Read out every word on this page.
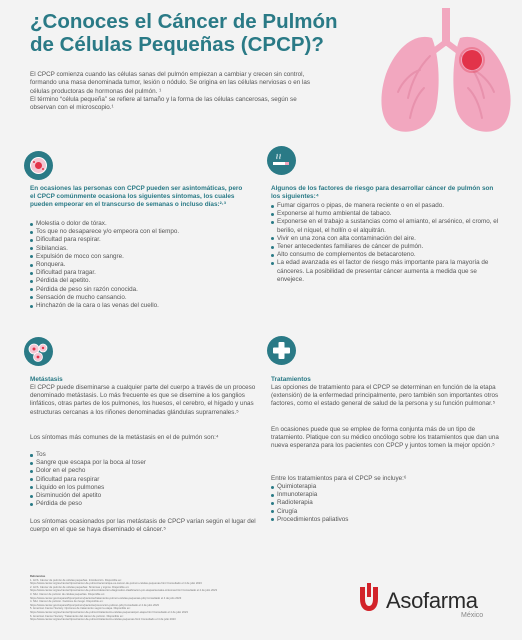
¿Conoces el Cáncer de Pulmón de Células Pequeñas (CPCP)?

El CPCP comienza cuando las células sanas del pulmón empiezan a cambiar y crecen sin control, formando una masa denominada tumor, lesión o nódulo. Se origina en las células nerviosas o en las células productoras de hormonas del pulmón. ¹

El término “célula pequeña” se refiere al tamaño y la forma de las células cancerosas, según se observan con el microscopio.¹

En ocasiones las personas con CPCP pueden ser asintomáticas, pero el CPCP comúnmente ocasiona los siguientes síntomas, los cuales pueden empeorar en el transcurso de semanas o incluso días:²·³
Molestia o dolor de tórax.
Tos que no desaparece y/o empeora con el tiempo.
Dificultad para respirar.
Sibilancias.
Expulsión de moco con sangre.
Ronquera.
Dificultad para tragar.
Pérdida del apetito.
Pérdida de peso sin razón conocida.
Sensación de mucho cansancio.
Hinchazón de la cara o las venas del cuello.
Algunos de los factores de riesgo para desarrollar cáncer de pulmón son los siguientes:⁴
Fumar cigarros o pipas, de manera reciente o en el pasado.
Exponerse al humo ambiental de tabaco.
Exponerse en el trabajo a sustancias como el amianto, el arsénico, el cromo, el berilio, el níquel, el hollín o el alquitrán.
Vivir en una zona con alta contaminación del aire.
Tener antecedentes familiares de cáncer de pulmón.
Alto consumo de complementos de betacaroteno.
La edad avanzada es el factor de riesgo más importante para la mayoría de cánceres. La posibilidad de presentar cáncer aumenta a medida que se envejece.
Metástasis
El CPCP puede diseminarse a cualquier parte del cuerpo a través de un proceso denominado metástasis. Lo más frecuente es que se disemine a los ganglios linfáticos, otras partes de los pulmones, los huesos, el cerebro, el hígado y unas estructuras cercanas a los riñones denominadas glándulas suprarrenales.⁵
Los síntomas más comunes de la metástasis en el de pulmón son:⁴
Tos
Sangre que escapa por la boca al toser
Dolor en el pecho
Dificultad para respirar
Líquido en los pulmones
Disminución del apetito
Pérdida de peso
Los síntomas ocasionados por las metástasis de CPCP varían según el lugar del cuerpo en el que se haya diseminado el cáncer.⁵
Tratamientos
Las opciones de tratamiento para el CPCP se determinan en función de la etapa (extensión) de la enfermedad principalmente, pero también son importantes otros factores, como el estado general de salud de la persona y su función pulmonar.⁵
En ocasiones puede que se emplee de forma conjunta más de un tipo de tratamiento. Platique con su médico oncólogo sobre los tratamientos que dan una nueva esperanza para los pacientes con CPCP y juntos tomen la mejor opción.⁵
Entre los tratamientos para el CPCP se incluye:⁶
Quimioterapia
Inmunoterapia
Radioterapia
Cirugía
Procedimientos paliativos
Referencias
1. ACS. Cáncer de pulmón de células pequeñas. Introducción. Disponible en:
https://www.cancer.org/es/cancer/tipos/cancer-de-pulmon/acerca/que-es-cancer-de-pulmon-celulas-pequenas.html Consultado el 4 de julio 2023
2. ACS. Cáncer de pulmón de células pequeñas: Síntomas y signos. Disponible en:
https://www.cancer.org/es/cancer/tipos/cancer-de-pulmon/deteccion-diagnostico-clasificacion-por-etapas/senales-sintomas.html Consultado el 4 de julio 2023
3. NIH. Cáncer de pulmón de células pequeñas. Disponible en:
https://www.cancer.gov/espanol/tipos/pulmon/paciente/tratamiento-pulmon-celulas-pequenas-pdq Consultado el 4 de julio 2023
4. NIH. Cáncer de pulmón. Factores de riesgo. Disponible en:
https://www.cancer.gov/espanol/tipos/pulmon/paciente/prevencion-pulmon-pdq Consultado el 4 de julio 2023
5. American Cancer Society. Opciones de tratamiento según la etapa. Disponible en:
https://www.cancer.org/es/cancer/tipos/cancer-de-pulmon/tratamiento-celulas-pequenas/por-etapa.html Consultado el 4 de julio 2023
6. American Cancer Society. Tratamiento del cáncer de pulmón. Disponible en:
https://www.cancer.org/es/cancer/tipos/cancer-de-pulmon/tratamiento-celulas-pequenas.html Consultado el 4 de julio 2023
Asofarma
México
